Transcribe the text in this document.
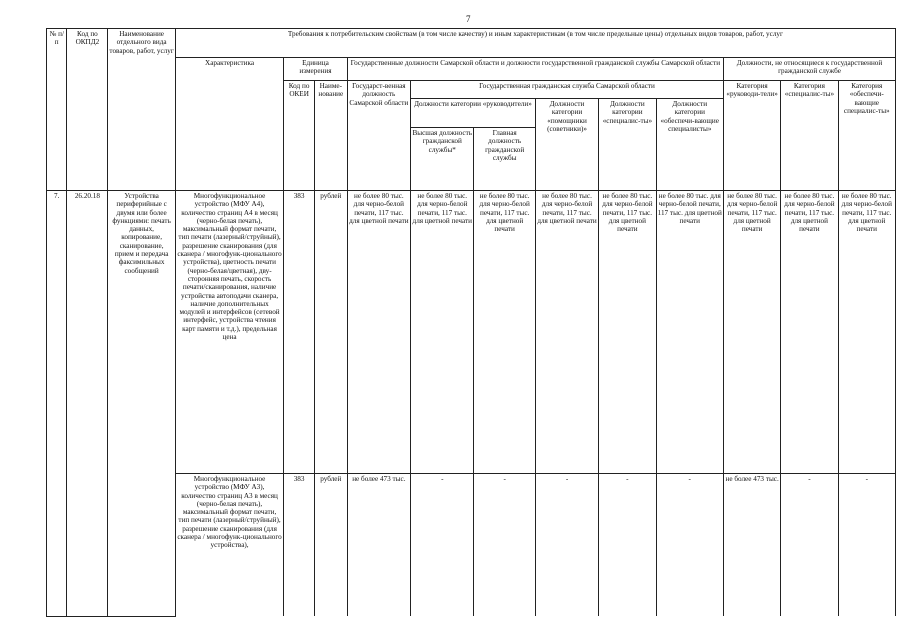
7
№ п/п	Код по ОКПД2	Наименование отдельного вида товаров, работ, услуг	Требования к потребительским свойствам (в том числе качеству) и иным характеристикам (в том числе предельные цены) отдельных видов товаров, работ, услуг											
			Характеристика	Единица измерения		Государственные должности Самарской области и должности государственной гражданской службы Самарской области						Должности, не относящиеся к государственной гражданской службе		
				Код по ОКЕИ	Наиме-нование	Государст-венная должность Самарской области	Государственная гражданская служба Самарской области					Категория «руководи-тели»	Категория «специалис-ты»	Категория «обеспечи-вающие специалис-ты»
							Должности категории «руководители»		Должности категории «помощники (советники)»	Должности категории «специалис-ты»	Должности категории «обеспечи-вающие специалисты»			
							Высшая должность гражданской службы*	Главная должность гражданской службы						
7.	26.20.18	Устройства периферийные с двумя или более функциями: печать данных, копирование, сканирование, прием и передача факсимильных сообщений	Многофункциональное устройство (МФУ А4), количество страниц А4 в месяц (черно-белая печать), максимальный формат печати, тип печати (лазерный/струйный), разрешение сканирования (для сканера / многофунк-ционального устройства), цветность печати (черно-белая/цветная), дву-сторонняя печать, скорость печати/сканирования, наличие устройства автоподачи сканера, наличие дополнительных модулей и интерфейсов (сетевой интерфейс, устройства чтения карт памяти и т.д.), предельная цена	383	рублей	не более 80 тыс. для черно-белой печати, 117 тыс. для цветной печати	не более 80 тыс. для черно-белой печати, 117 тыс. для цветной печати	не более 80 тыс. для черно-белой печати, 117 тыс. для цветной печати	не более 80 тыс. для черно-белой печати, 117 тыс. для цветной печати	не более 80 тыс. для черно-белой печати, 117 тыс. для цветной печати	не более 80 тыс. для черно-белой печати, 117 тыс. для цветной печати	не более 80 тыс. для черно-белой печати, 117 тыс. для цветной печати	не более 80 тыс. для черно-белой печати, 117 тыс. для цветной печати	не более 80 тыс. для черно-белой печати, 117 тыс. для цветной печати
			Многофункциональное устройство (МФУ А3), количество страниц А3 в месяц (черно-белая печать), максимальный формат печати, тип печати (лазерный/струйный), разрешение сканирования (для сканера / многофунк-ционального устройства),	383	рублей	не более 473 тыс.	-	-	-	-	-	не более 473 тыс.	-	-
